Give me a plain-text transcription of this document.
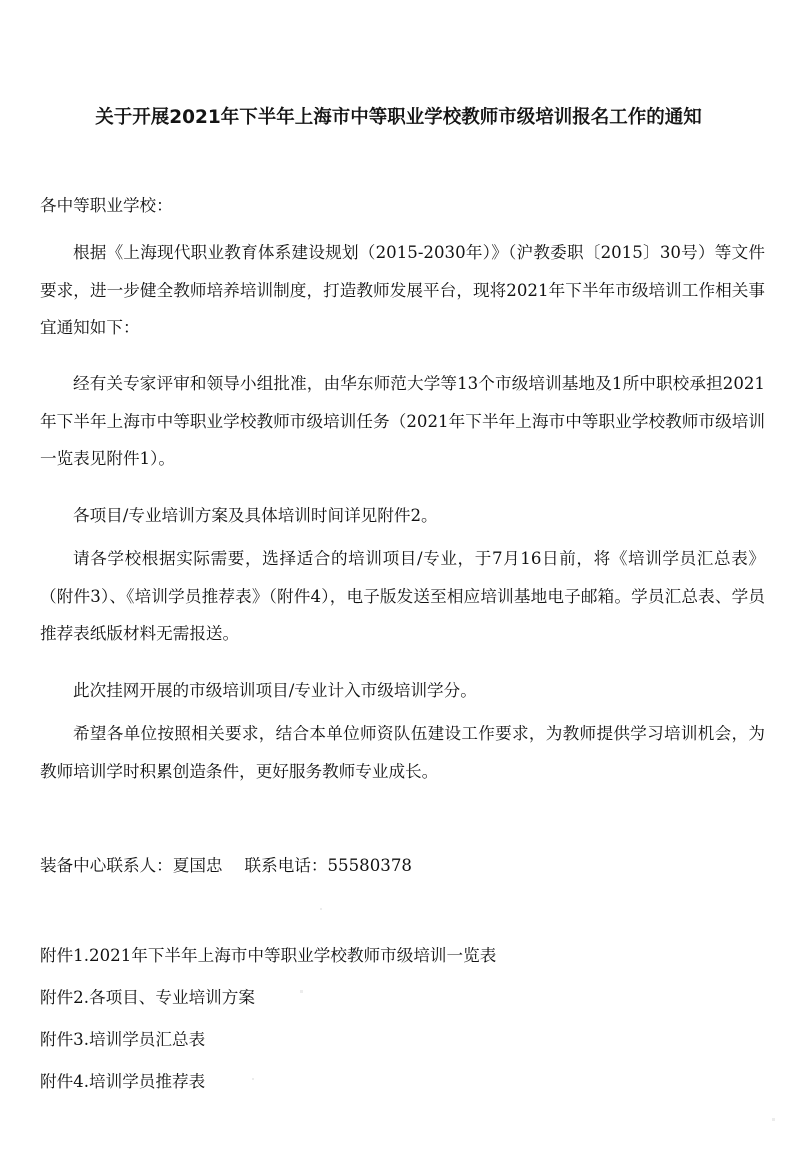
关于开展2021年下半年上海市中等职业学校教师市级培训报名工作的通知
各中等职业学校：
根据《上海现代职业教育体系建设规划（2015-2030年）》（沪教委职〔2015〕30号）等文件要求，进一步健全教师培养培训制度，打造教师发展平台，现将2021年下半年市级培训工作相关事宜通知如下：
经有关专家评审和领导小组批准，由华东师范大学等13个市级培训基地及1所中职校承担2021年下半年上海市中等职业学校教师市级培训任务（2021年下半年上海市中等职业学校教师市级培训一览表见附件1）。
各项目/专业培训方案及具体培训时间详见附件2。
请各学校根据实际需要，选择适合的培训项目/专业，于7月16日前，将《培训学员汇总表》（附件3）、《培训学员推荐表》（附件4），电子版发送至相应培训基地电子邮箱。学员汇总表、学员推荐表纸版材料无需报送。
此次挂网开展的市级培训项目/专业计入市级培训学分。
希望各单位按照相关要求，结合本单位师资队伍建设工作要求，为教师提供学习培训机会，为教师培训学时积累创造条件，更好服务教师专业成长。
装备中心联系人：夏国忠 联系电话：55580378
附件1.2021年下半年上海市中等职业学校教师市级培训一览表
附件2.各项目、专业培训方案
附件3.培训学员汇总表
附件4.培训学员推荐表
